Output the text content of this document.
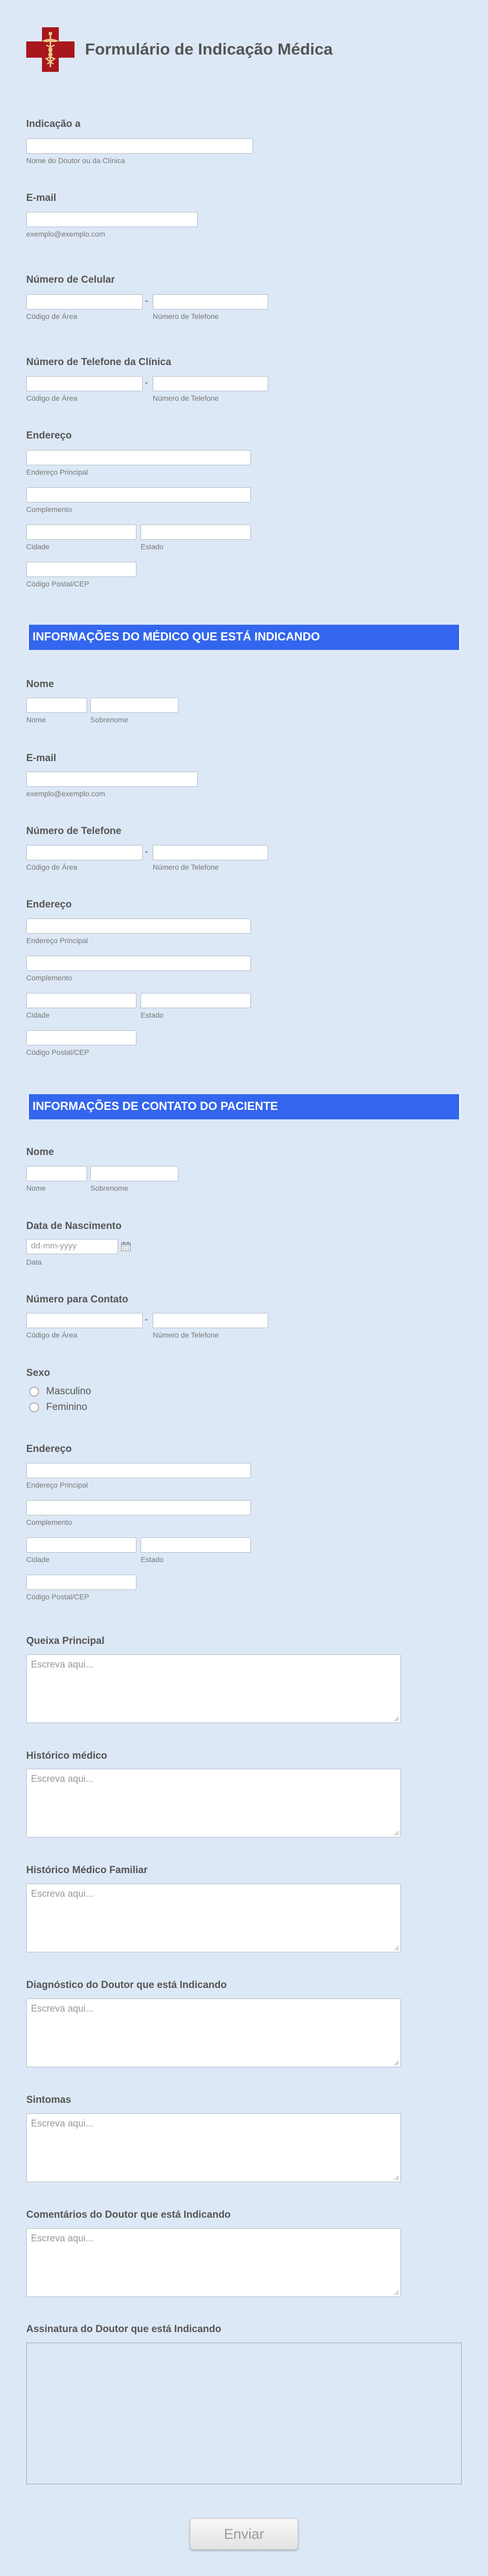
Formulário de Indicação Médica
Indicação a
Nome do Doutor ou da Clínica
E-mail
exemplo@exemplo.com
Número de Celular
-
Código de Área	Número de Telefone
Número de Telefone da Clínica
-
Código de Área	Número de Telefone
Endereço
Endereço Principal
Complemento
Cidade	Estado
Código Postal/CEP
INFORMAÇÕES DO MÉDICO QUE ESTÁ INDICANDO
Nome
Nome	Sobrenome
E-mail
exemplo@exemplo.com
Número de Telefone
-
Código de Área	Número de Telefone
Endereço
Endereço Principal
Complemento
Cidade	Estado
Código Postal/CEP
INFORMAÇÕES DE CONTATO DO PACIENTE
Nome
Nome	Sobrenome
Data de Nascimento
dd-mm-yyyy
Data
Número para Contato
-
Código de Área	Número de Telefone
Sexo
Masculino
Feminino
Endereço
Endereço Principal
Complemento
Cidade	Estado
Código Postal/CEP
Queixa Principal
Escreva aqui...
Histórico médico
Escreva aqui...
Histórico Médico Familiar
Escreva aqui...
Diagnóstico do Doutor que está Indicando
Escreva aqui...
Sintomas
Escreva aqui...
Comentários do Doutor que está Indicando
Escreva aqui...
Assinatura do Doutor que está Indicando
Enviar
